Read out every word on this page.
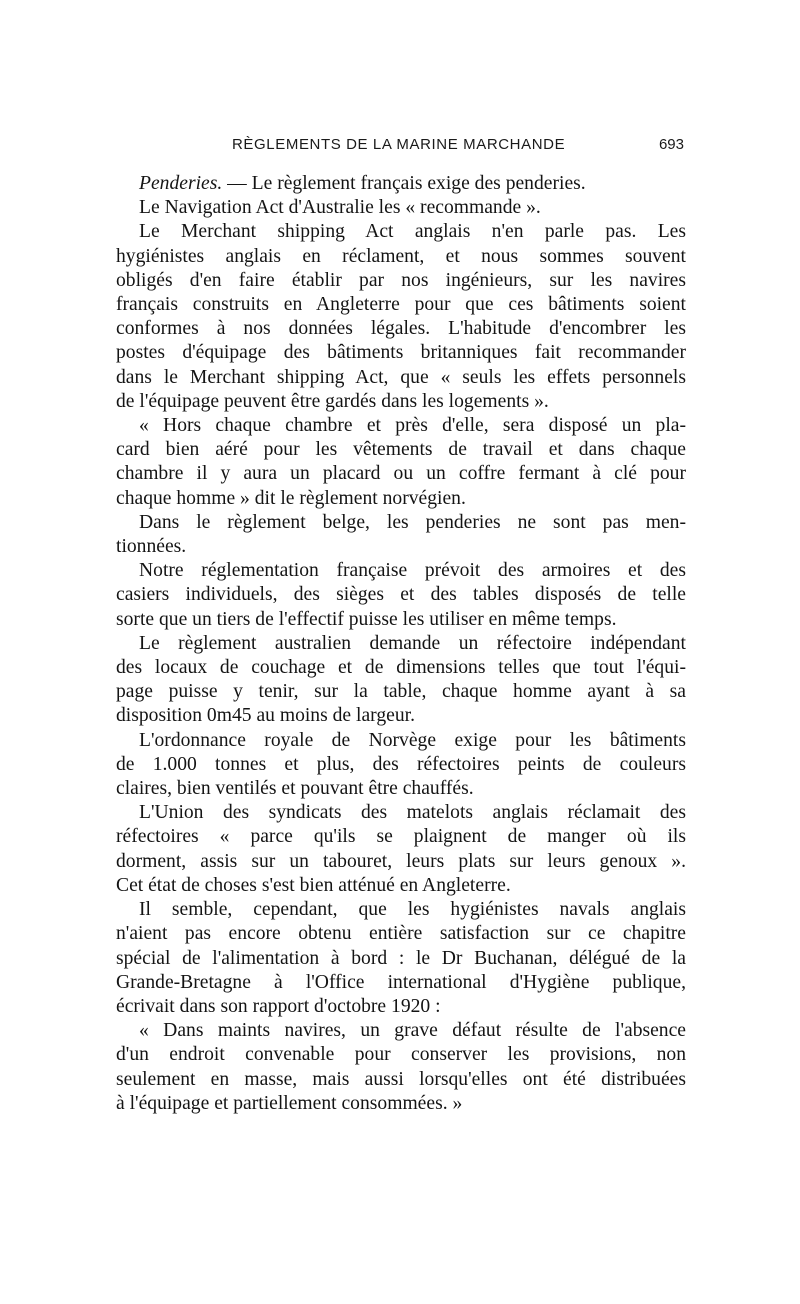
RÈGLEMENTS DE LA MARINE MARCHANDE	693

Penderies. — Le règlement français exige des penderies.

Le Navigation Act d'Australie les « recommande ».

Le Merchant shipping Act anglais n'en parle pas. Les
hygiénistes anglais en réclament, et nous sommes souvent
obligés d'en faire établir par nos ingénieurs, sur les navires
français construits en Angleterre pour que ces bâtiments soient
conformes à nos données légales. L'habitude d'encombrer les
postes d'équipage des bâtiments britanniques fait recommander
dans le Merchant shipping Act, que « seuls les effets personnels
de l'équipage peuvent être gardés dans les logements ».

« Hors chaque chambre et près d'elle, sera disposé un pla-
card bien aéré pour les vêtements de travail et dans chaque
chambre il y aura un placard ou un coffre fermant à clé pour
chaque homme » dit le règlement norvégien.

Dans le règlement belge, les penderies ne sont pas men-
tionnées.

Notre réglementation française prévoit des armoires et des
casiers individuels, des sièges et des tables disposés de telle
sorte que un tiers de l'effectif puisse les utiliser en même temps.

Le règlement australien demande un réfectoire indépendant
des locaux de couchage et de dimensions telles que tout l'équi-
page puisse y tenir, sur la table, chaque homme ayant à sa
disposition 0m45 au moins de largeur.

L'ordonnance royale de Norvège exige pour les bâtiments
de 1.000 tonnes et plus, des réfectoires peints de couleurs
claires, bien ventilés et pouvant être chauffés.

L'Union des syndicats des matelots anglais réclamait des
réfectoires « parce qu'ils se plaignent de manger où ils
dorment, assis sur un tabouret, leurs plats sur leurs genoux ».
Cet état de choses s'est bien atténué en Angleterre.

Il semble, cependant, que les hygiénistes navals anglais
n'aient pas encore obtenu entière satisfaction sur ce chapitre
spécial de l'alimentation à bord : le Dr Buchanan, délégué de la
Grande-Bretagne à l'Office international d'Hygiène publique,
écrivait dans son rapport d'octobre 1920 :

« Dans maints navires, un grave défaut résulte de l'absence
d'un endroit convenable pour conserver les provisions, non
seulement en masse, mais aussi lorsqu'elles ont été distribuées
à l'équipage et partiellement consommées. »
